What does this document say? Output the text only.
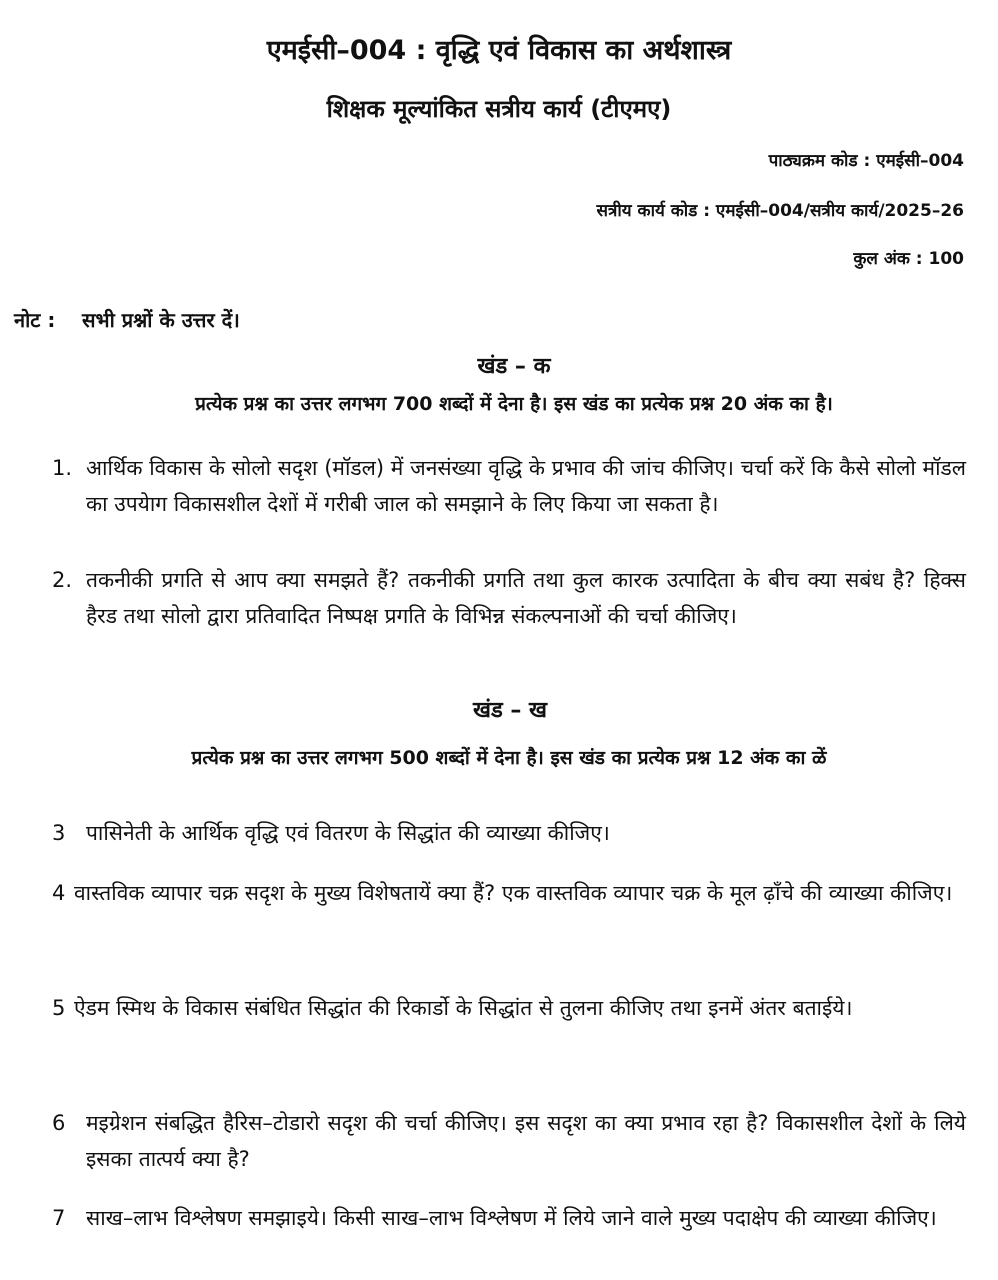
एमईसी–004 : वृद्धि एवं विकास का अर्थशास्त्र
शिक्षक मूल्यांकित सत्रीय कार्य (टीएमए)
पाठ्यक्रम कोड : एमईसी–004
सत्रीय कार्य कोड : एमईसी–004/सत्रीय कार्य/2025–26
कुल अंक : 100
नोट : सभी प्रश्नों के उत्तर दें।
खंड – क
प्रत्येक प्रश्न का उत्तर लगभग 700 शब्दों में देना है। इस खंड का प्रत्येक प्रश्न 20 अंक का है।
1. आर्थिक विकास के सोलो सदृश (मॉडल) में जनसंख्या वृद्धि के प्रभाव की जांच कीजिए। चर्चा करें कि कैसे सोलो मॉडल का उपयेाग विकासशील देशों में गरीबी जाल को समझाने के लिए किया जा सकता है।
2. तकनीकी प्रगति से आप क्या समझते हैं? तकनीकी प्रगति तथा कुल कारक उत्पादिता के बीच क्या सबंध है? हिक्स हैरड तथा सोलो द्वारा प्रतिवादित निष्पक्ष प्रगति के विभिन्न संकल्पनाओं की चर्चा कीजिए।
खंड – ख
प्रत्येक प्रश्न का उत्तर लगभग 500 शब्दों में देना है। इस खंड का प्रत्येक प्रश्न 12 अंक का ळें
3 पासिनेती के आर्थिक वृद्धि एवं वितरण के सिद्धांत की व्याख्या कीजिए।
4 वास्तविक व्यापार चक्र सदृश के मुख्य विशेषतायें क्या हैं? एक वास्तविक व्यापार चक्र के मूल ढ़ाँचे की व्याख्या कीजिए।
5 ऐडम स्मिथ के विकास संबंधित सिद्धांत की रिकार्डो के सिद्धांत से तुलना कीजिए तथा इनमें अंतर बताईये।
6 मइग्रेशन संबद्धित हैरिस–टोडारो सदृश की चर्चा कीजिए। इस सदृश का क्या प्रभाव रहा है? विकासशील देशों के लिये इसका तात्पर्य क्या है?
7 साख–लाभ विश्लेषण समझाइये। किसी साख–लाभ विश्लेषण में लिये जाने वाले मुख्य पदाक्षेप की व्याख्या कीजिए।
